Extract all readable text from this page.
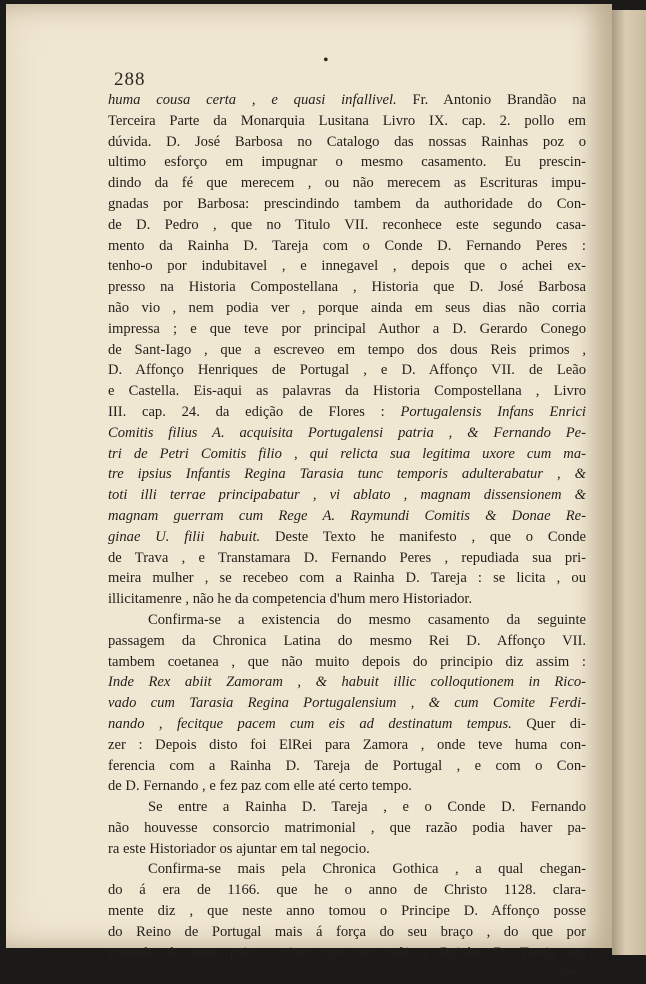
288
•
huma cousa certa , e quasi infallivel. Fr. Antonio Brandão na
Terceira Parte da Monarquia Lusitana Livro IX. cap. 2. pollo em
dúvida. D. José Barbosa no Catalogo das nossas Rainhas poz o
ultimo esforço em impugnar o mesmo casamento. Eu prescin-
dindo da fé que merecem , ou não merecem as Escrituras impu-
gnadas por Barbosa: prescindindo tambem da authoridade do Con-
de D. Pedro , que no Titulo VII. reconhece este segundo casa-
mento da Rainha D. Tareja com o Conde D. Fernando Peres :
tenho-o por indubitavel , e innegavel , depois que o achei ex-
presso na Historia Compostellana , Historia que D. José Barbosa
não vio , nem podia ver , porque ainda em seus dias não corria
impressa ; e que teve por principal Author a D. Gerardo Conego
de Sant-Iago , que a escreveo em tempo dos dous Reis primos ,
D. Affonço Henriques de Portugal , e D. Affonço VII. de Leão
e Castella. Eis-aqui as palavras da Historia Compostellana , Livro
III. cap. 24. da edição de Flores : Portugalensis Infans Enrici
Comitis filius A. acquisita Portugalensi patria , & Fernando Pe-
tri de Petri Comitis filio , qui relicta sua legitima uxore cum ma-
tre ipsius Infantis Regina Tarasia tunc temporis adulterabatur , &
toti illi terrae principabatur , vi ablato , magnam dissensionem &
magnam guerram cum Rege A. Raymundi Comitis & Donae Re-
ginae U. filii habuit. Deste Texto he manifesto , que o Conde
de Trava , e Transtamara D. Fernando Peres , repudiada sua pri-
meira mulher , se recebeo com a Rainha D. Tareja : se licita , ou
illicitamenre , não he da competencia d'hum mero Historiador.
Confirma-se a existencia do mesmo casamento da seguinte
passagem da Chronica Latina do mesmo Rei D. Affonço VII.
tambem coetanea , que não muito depois do principio diz assim :
Inde Rex abiit Zamoram , & habuit illic colloqutionem in Rico-
vado cum Tarasia Regina Portugalensium , & cum Comite Ferdi-
nando , fecitque pacem cum eis ad destinatum tempus. Quer di-
zer : Depois disto foi ElRei para Zamora , onde teve huma con-
ferencia com a Rainha D. Tareja de Portugal , e com o Con-
de D. Fernando , e fez paz com elle até certo tempo.
Se entre a Rainha D. Tareja , e o Conde D. Fernando
não houvesse consorcio matrimonial , que razão podia haver pa-
ra este Historiador os ajuntar em tal negocio.
Confirma-se mais pela Chronica Gothica , a qual chegan-
do á era de 1166. que he o anno de Christo 1128. clara-
mente diz , que neste anno tomou o Principe D. Affonço posse
do Reino de Portugal mais á força do seu braço , do que por
vontade de seus pais : visto que sua mãi a Rainha D. Tareja era
a mes-
